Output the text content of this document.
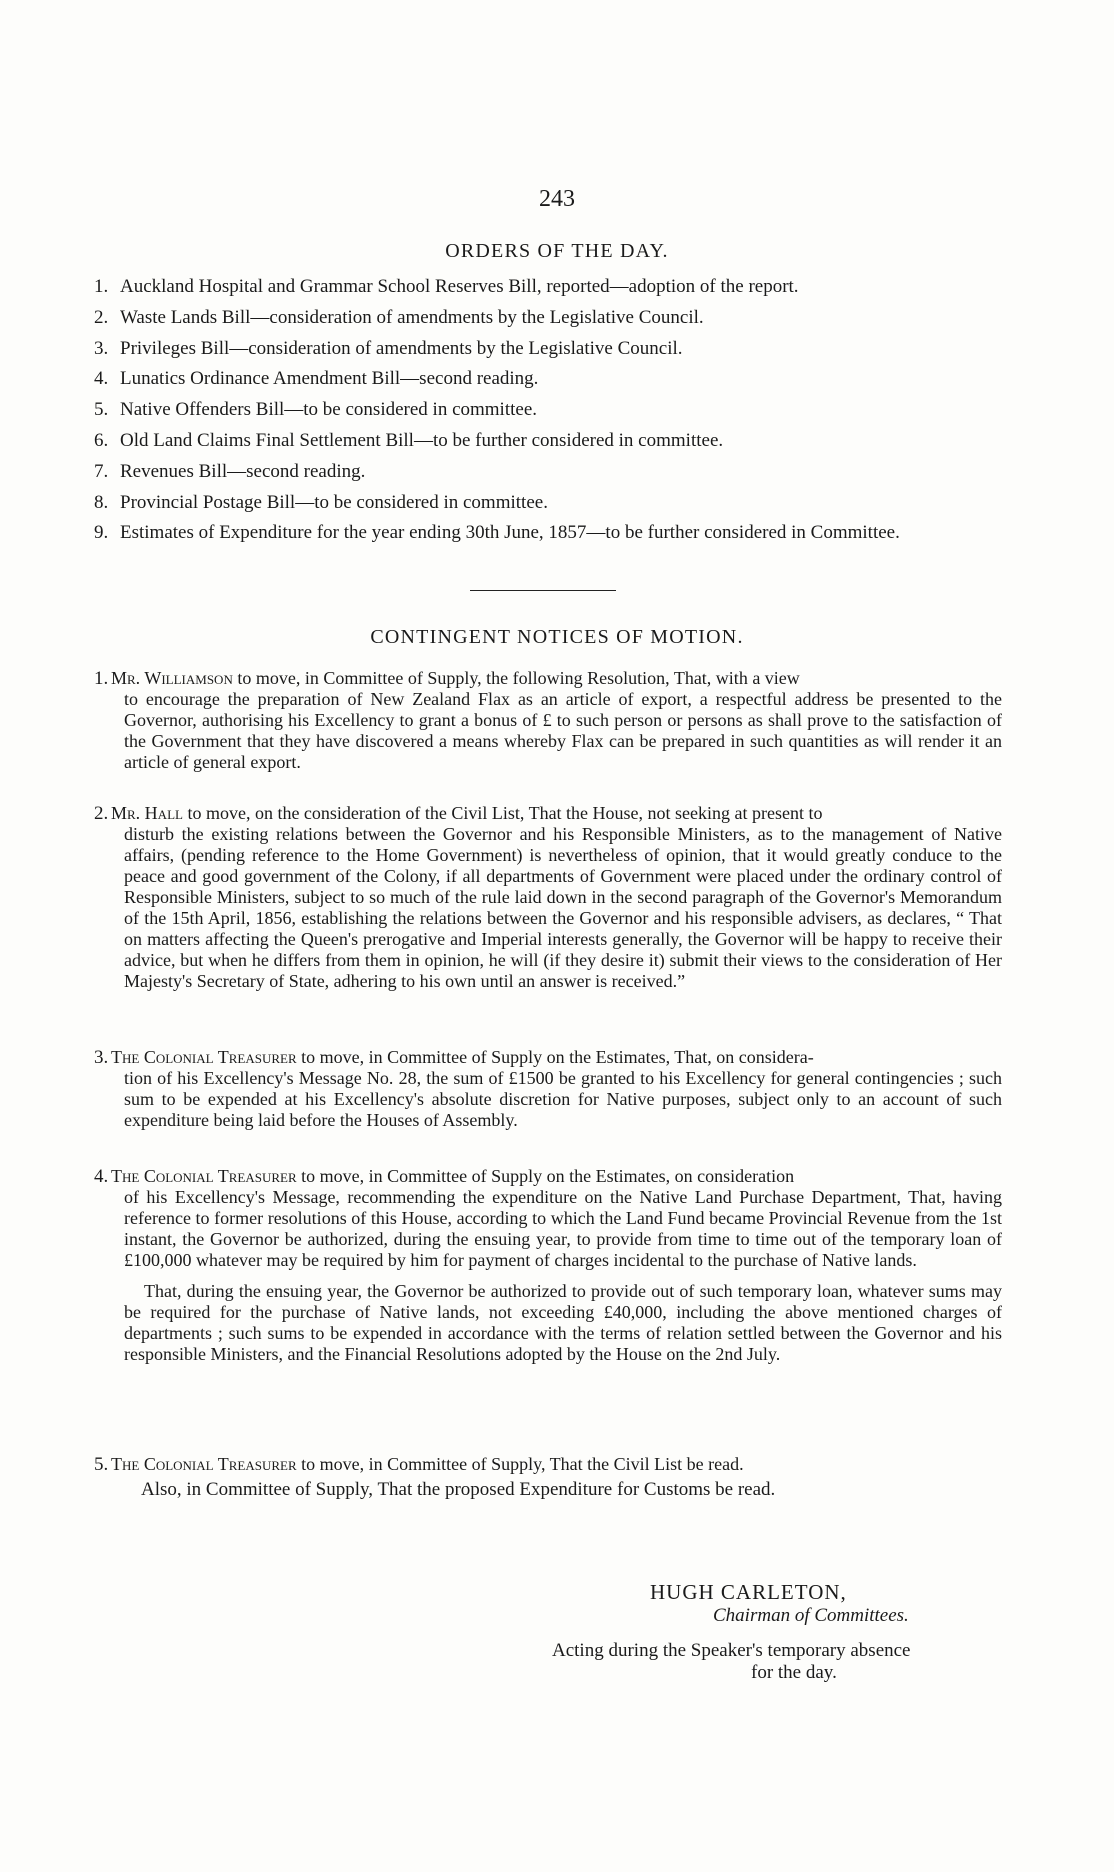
243
ORDERS OF THE DAY.
1. Auckland Hospital and Grammar School Reserves Bill, reported—adoption of the report.
2. Waste Lands Bill—consideration of amendments by the Legislative Council.
3. Privileges Bill—consideration of amendments by the Legislative Council.
4. Lunatics Ordinance Amendment Bill—second reading.
5. Native Offenders Bill—to be considered in committee.
6. Old Land Claims Final Settlement Bill—to be further considered in committee.
7. Revenues Bill—second reading.
8. Provincial Postage Bill—to be considered in committee.
9. Estimates of Expenditure for the year ending 30th June, 1857—to be further considered in Committee.
CONTINGENT NOTICES OF MOTION.
1. Mr. Williamson to move, in Committee of Supply, the following Resolution, That, with a view
to encourage the preparation of New Zealand Flax as an article of export, a respectful address be presented to the Governor, authorising his Excellency to grant a bonus of £ to such person or persons as shall prove to the satisfaction of the Government that they have discovered a means whereby Flax can be prepared in such quantities as will render it an article of general export.
2. Mr. Hall to move, on the consideration of the Civil List, That the House, not seeking at present to
disturb the existing relations between the Governor and his Responsible Ministers, as to the management of Native affairs, (pending reference to the Home Government) is nevertheless of opinion, that it would greatly conduce to the peace and good government of the Colony, if all departments of Government were placed under the ordinary control of Responsible Ministers, subject to so much of the rule laid down in the second paragraph of the Governor's Memorandum of the 15th April, 1856, establishing the relations between the Governor and his responsible advisers, as declares, “ That on matters affecting the Queen's prerogative and Imperial interests generally, the Governor will be happy to receive their advice, but when he differs from them in opinion, he will (if they desire it) submit their views to the consideration of Her Majesty's Secretary of State, adhering to his own until an answer is received.”
3. The Colonial Treasurer to move, in Committee of Supply on the Estimates, That, on considera-
tion of his Excellency's Message No. 28, the sum of £1500 be granted to his Excellency for general contingencies ; such sum to be expended at his Excellency's absolute discretion for Native purposes, subject only to an account of such expenditure being laid before the Houses of Assembly.
4. The Colonial Treasurer to move, in Committee of Supply on the Estimates, on consideration
of his Excellency's Message, recommending the expenditure on the Native Land Purchase Department, That, having reference to former resolutions of this House, according to which the Land Fund became Provincial Revenue from the 1st instant, the Governor be authorized, during the ensuing year, to provide from time to time out of the temporary loan of £100,000 whatever may be required by him for payment of charges incidental to the purchase of Native lands.
That, during the ensuing year, the Governor be authorized to provide out of such temporary loan, whatever sums may be required for the purchase of Native lands, not exceeding £40,000, including the above mentioned charges of departments ; such sums to be expended in accordance with the terms of relation settled between the Governor and his responsible Ministers, and the Financial Resolutions adopted by the House on the 2nd July.
5. The Colonial Treasurer to move, in Committee of Supply, That the Civil List be read.
Also, in Committee of Supply, That the proposed Expenditure for Customs be read.
HUGH CARLETON,
Chairman of Committees.
Acting during the Speaker's temporary absence
for the day.
